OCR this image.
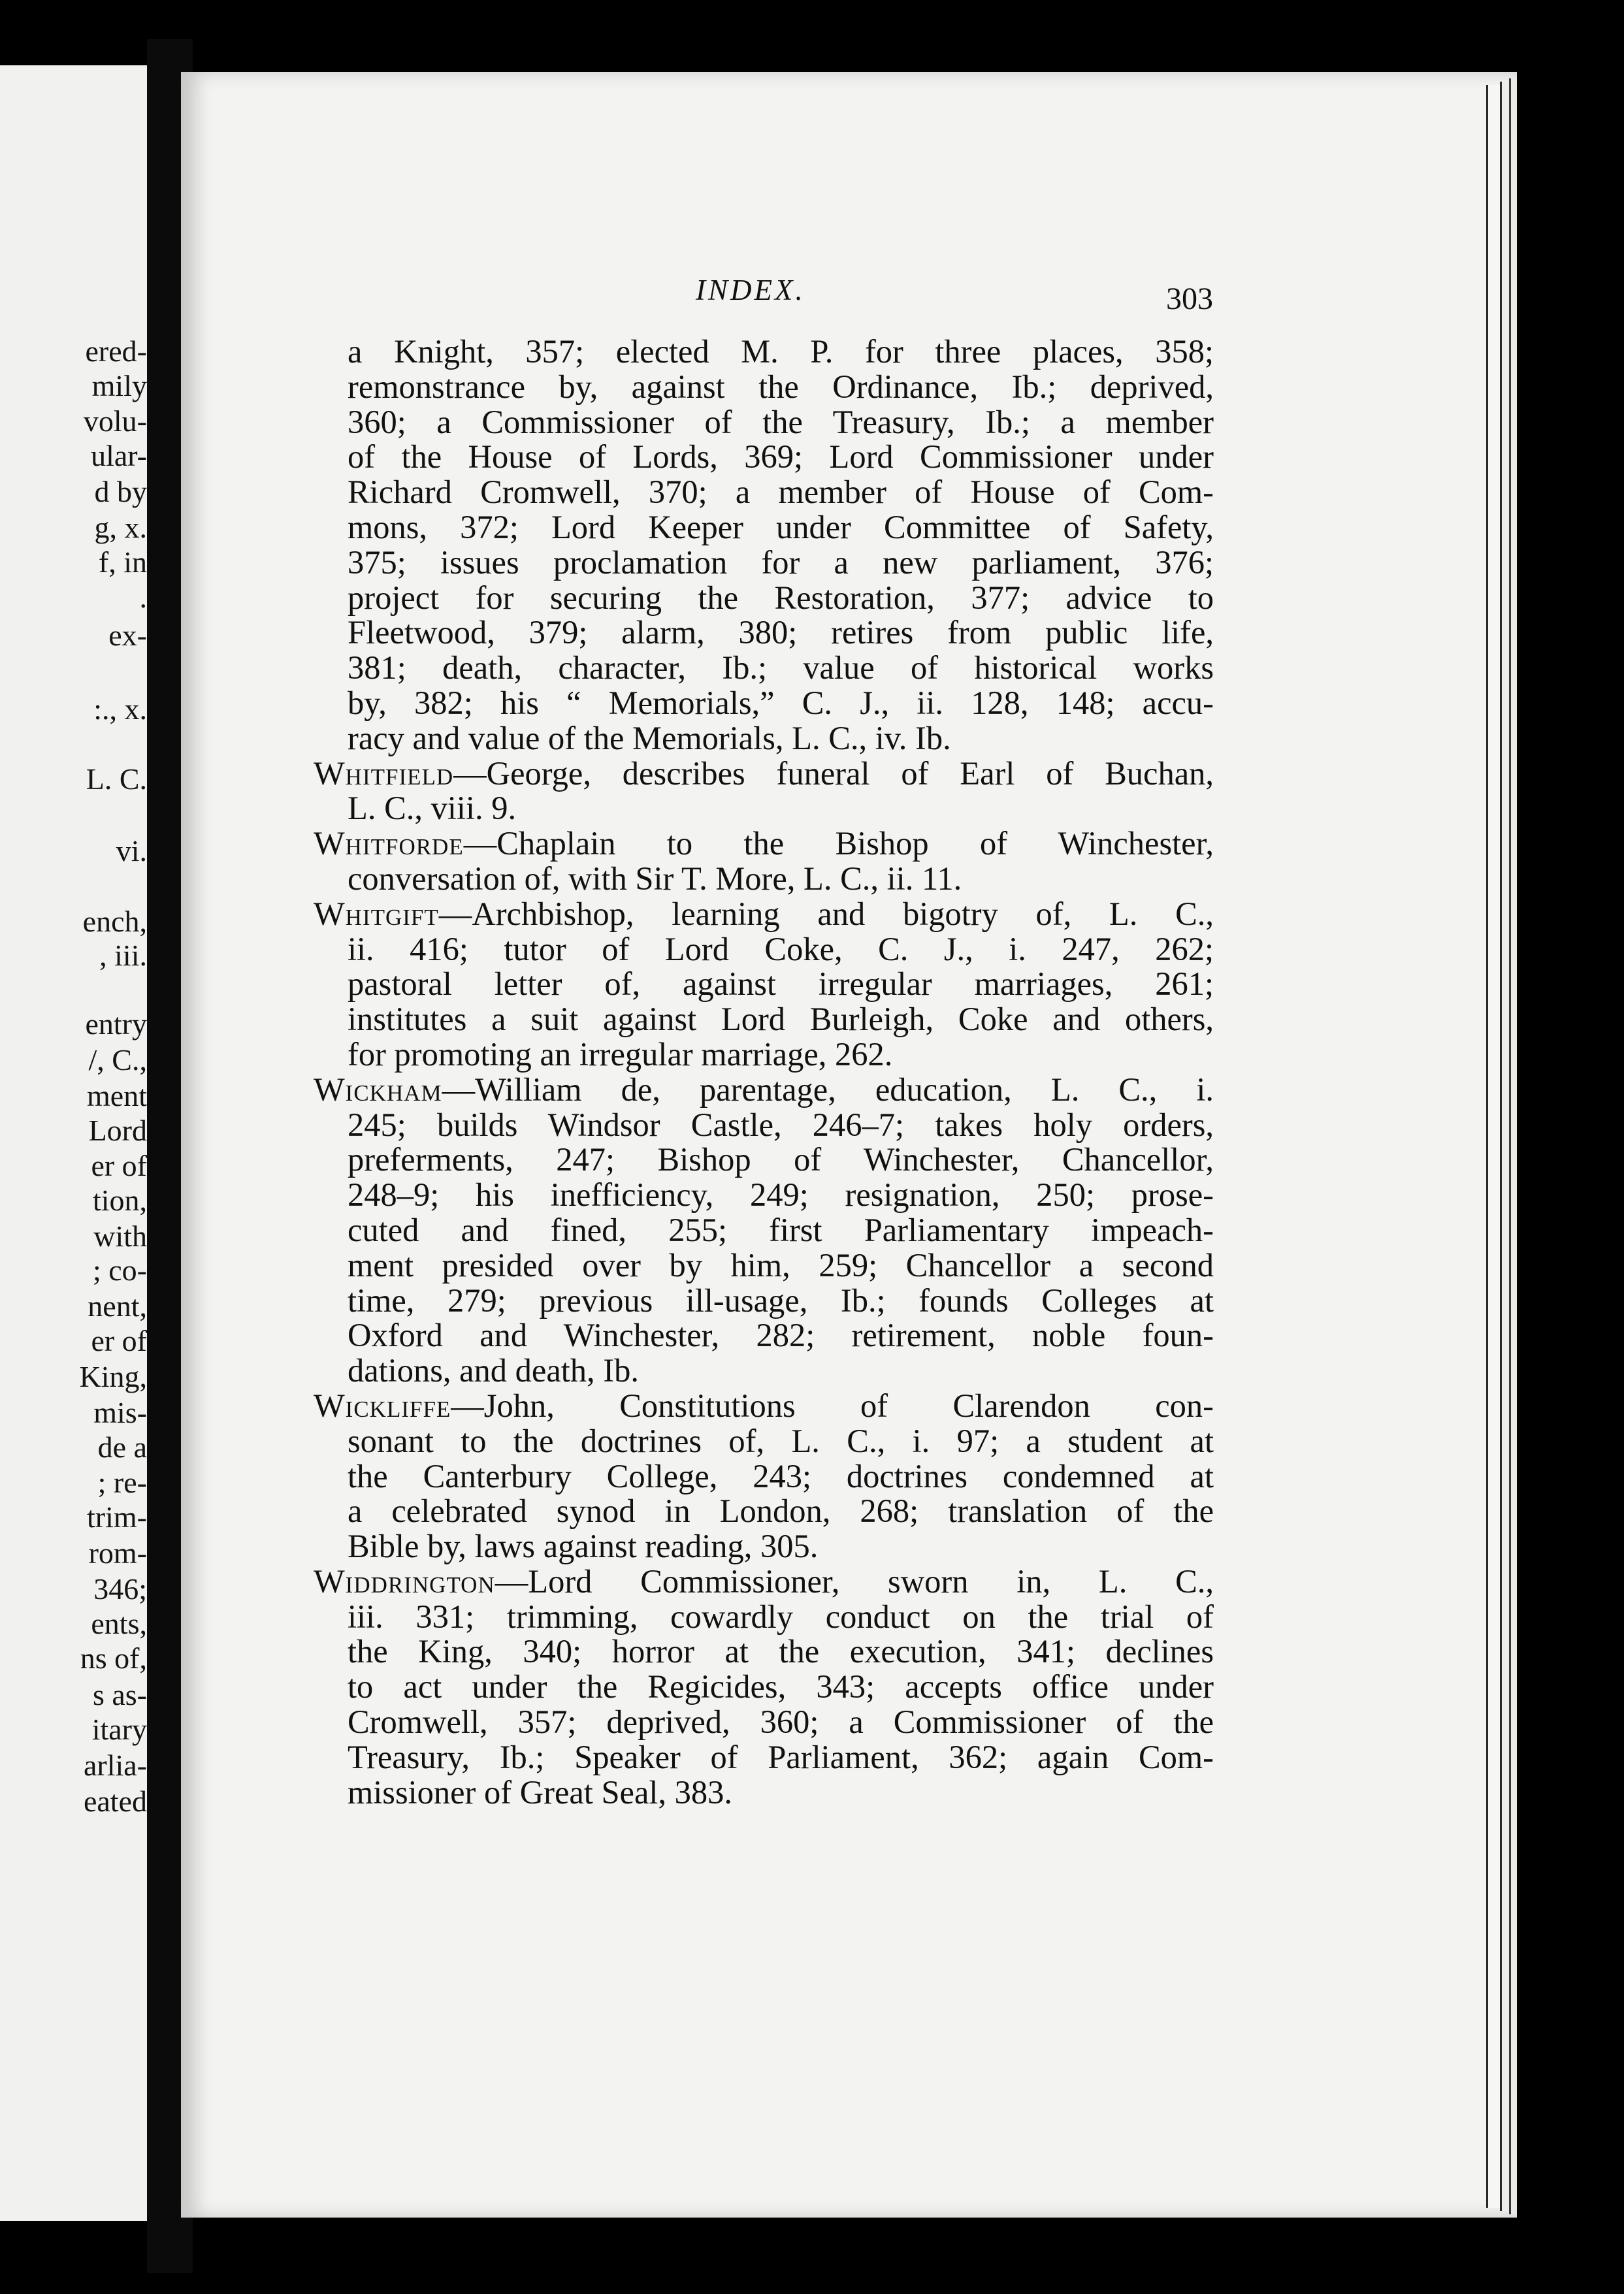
ered-
mily
volu-
ular-
d by
g, x.
f, in
.
ex-
:., x.
L. C.
vi.
ench,
, iii.
entry
/, C.,
ment
Lord
er of
tion,
with
; co-
nent,
er of
King,
mis-
de a
; re-
trim-
rom-
346;
ents,
ns of,
s as-
itary
arlia-
eated
INDEX.	303
a Knight, 357; elected M. P. for three places, 358;
remonstrance by, against the Ordinance, Ib.; deprived,
360; a Commissioner of the Treasury, Ib.; a member
of the House of Lords, 369; Lord Commissioner under
Richard Cromwell, 370; a member of House of Com-
mons, 372; Lord Keeper under Committee of Safety,
375; issues proclamation for a new parliament, 376;
project for securing the Restoration, 377; advice to
Fleetwood, 379; alarm, 380; retires from public life,
381; death, character, Ib.; value of historical works
by, 382; his “ Memorials,” C. J., ii. 128, 148; accu-
racy and value of the Memorials, L. C., iv. Ib.
Whitfield—George, describes funeral of Earl of Buchan,
L. C., viii. 9.
Whitforde—Chaplain to the Bishop of Winchester,
conversation of, with Sir T. More, L. C., ii. 11.
Whitgift—Archbishop, learning and bigotry of, L. C.,
ii. 416; tutor of Lord Coke, C. J., i. 247, 262;
pastoral letter of, against irregular marriages, 261;
institutes a suit against Lord Burleigh, Coke and others,
for promoting an irregular marriage, 262.
Wickham—William de, parentage, education, L. C., i.
245; builds Windsor Castle, 246–7; takes holy orders,
preferments, 247; Bishop of Winchester, Chancellor,
248–9; his inefficiency, 249; resignation, 250; prose-
cuted and fined, 255; first Parliamentary impeach-
ment presided over by him, 259; Chancellor a second
time, 279; previous ill-usage, Ib.; founds Colleges at
Oxford and Winchester, 282; retirement, noble foun-
dations, and death, Ib.
Wickliffe—John, Constitutions of Clarendon con-
sonant to the doctrines of, L. C., i. 97; a student at
the Canterbury College, 243; doctrines condemned at
a celebrated synod in London, 268; translation of the
Bible by, laws against reading, 305.
Widdrington—Lord Commissioner, sworn in, L. C.,
iii. 331; trimming, cowardly conduct on the trial of
the King, 340; horror at the execution, 341; declines
to act under the Regicides, 343; accepts office under
Cromwell, 357; deprived, 360; a Commissioner of the
Treasury, Ib.; Speaker of Parliament, 362; again Com-
missioner of Great Seal, 383.
